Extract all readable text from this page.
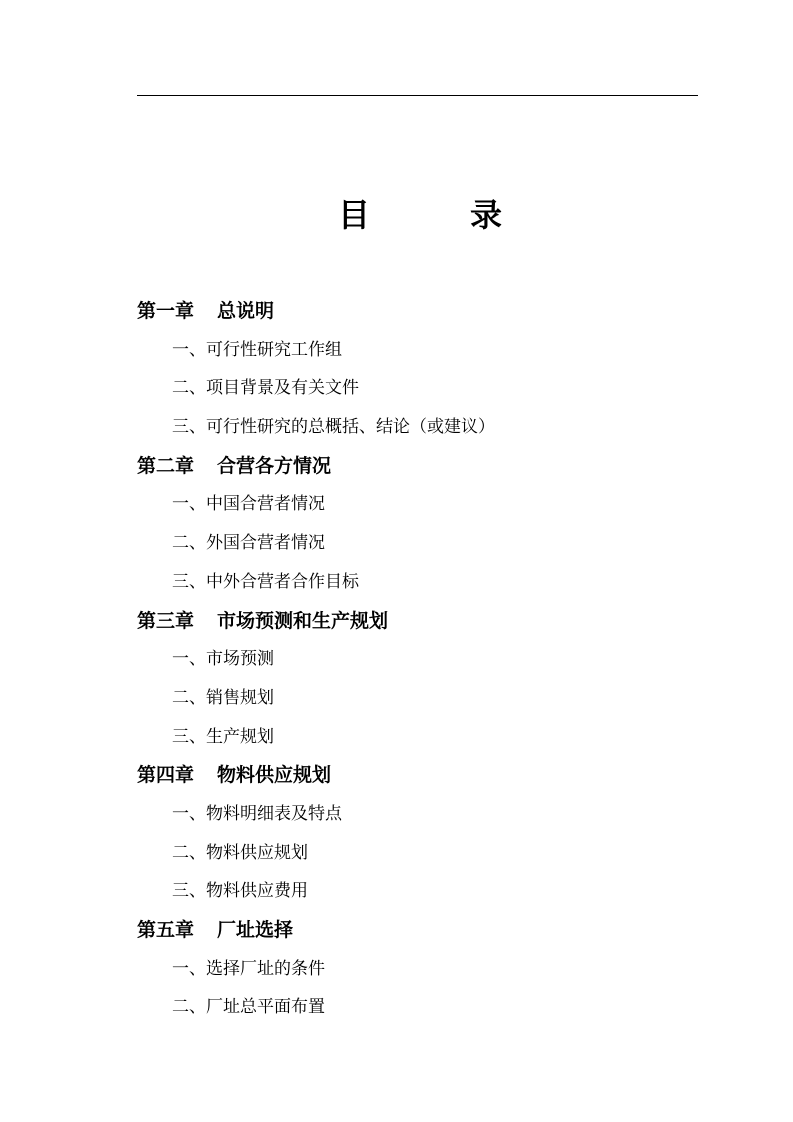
目	录
第一章 总说明
一、可行性研究工作组
二、项目背景及有关文件
三、可行性研究的总概括、结论（或建议）
第二章 合营各方情况
一、中国合营者情况
二、外国合营者情况
三、中外合营者合作目标
第三章 市场预测和生产规划
一、市场预测
二、销售规划
三、生产规划
第四章 物料供应规划
一、物料明细表及特点
二、物料供应规划
三、物料供应费用
第五章 厂址选择
一、选择厂址的条件
二、厂址总平面布置
